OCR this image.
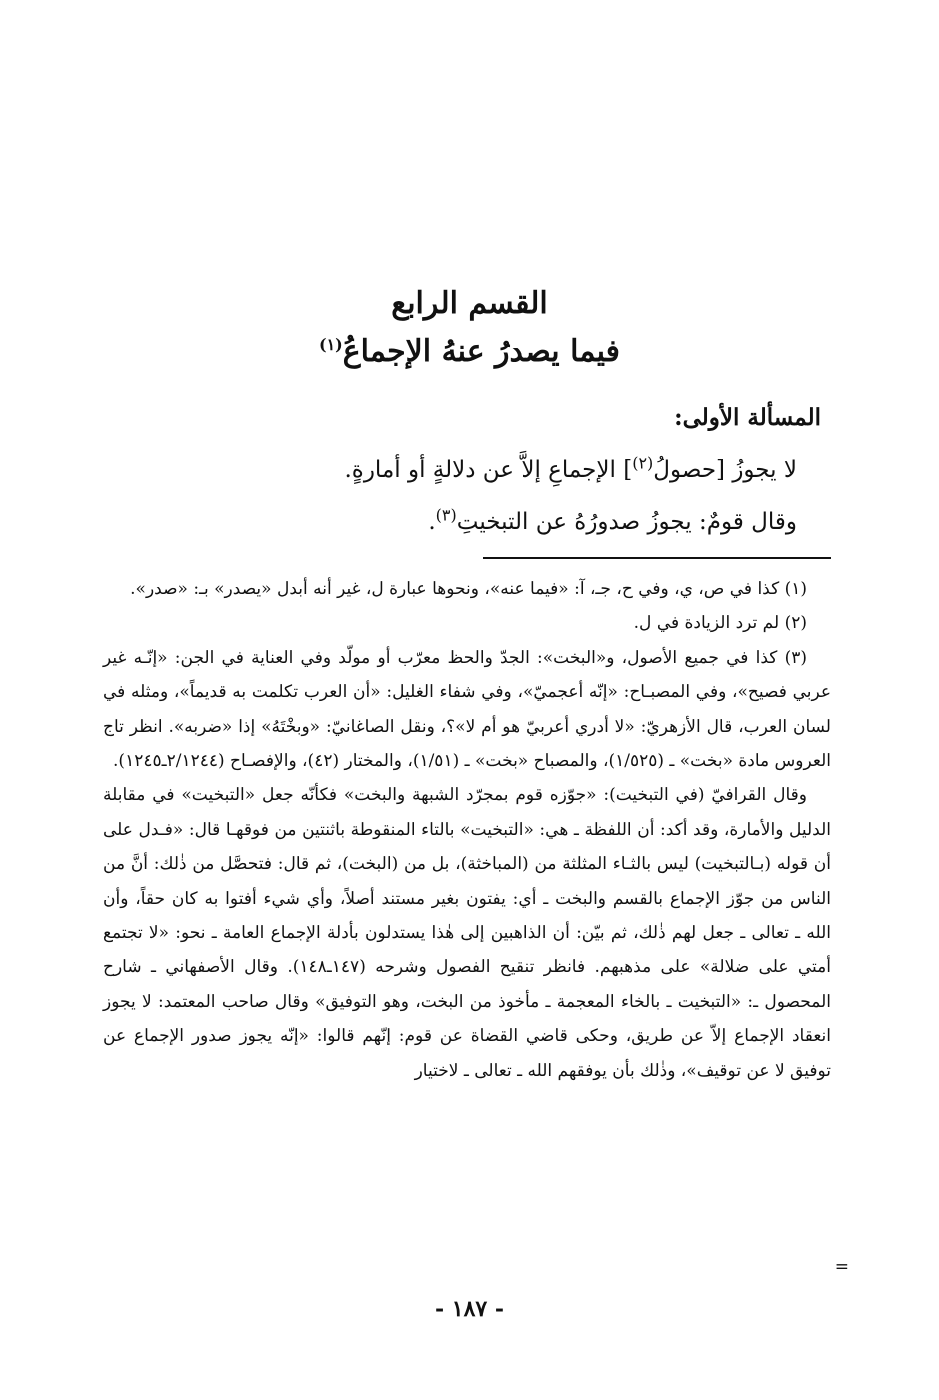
القسم الرابع

فيما يصدرُ عنهُ الإجماعُ$^{(١)}$

المسألة الأولى:

لا يجوزُ [حصولُ$^{(٢)}$] الإجماعِ إلاَّ عن دلالةٍ أو أمارةٍ.

وقال قومٌ: يجوزُ صدورُهُ عن التبخيتِ$^{(٣)}$.

(١) كذا في ص، ي، وفي ح، جـ، آ: «فيما عنه»، ونحوها عبارة ل، غير أنه أبدل «يصدر» بـ: «صدر».

(٢) لم ترد الزيادة في ل.

(٣) كذا في جميع الأصول، و«البخت»: الجدّ والحظ معرّب أو مولّد وفي العناية في الجن: «إنّـه غير عربي فصيح»، وفي المصبـاح: «إنّه أعجميّ»، وفي شفاء الغليل: «أن العرب تكلمت به قديماً»، ومثله في لسان العرب، قال الأزهريّ: «لا أدري أعربيّ هو أم لا»؟، ونقل الصاغانيّ: «وبخْتَهُ» إذا «ضربه». انظر تاج العروس مادة «بخت» ـ (١/٥٢٥)، والمصباح «بخت» ـ (١/٥١)، والمختار (٤٢)، والإفصـاح (٢/١٢٤٤ـ١٢٤٥).

وقال القرافيّ (في التبخيت): «جوّزه قوم بمجرّد الشبهة والبخت» فكأنّه جعل «التبخيت» في مقابلة الدليل والأمارة، وقد أكد: أن اللفظة ـ هي: «التبخيت» بالتاء المنقوطة باثنتين من فوقهـا قال: «فـدل على أن قوله (بـالتبخيت) ليس بالثـاء المثلثة من (المباخثة)، بل من (البخت)، ثم قال: فتحصَّل من ذٰلك: أنَّ من الناس من جوّز الإجماع بالقسم والبخت ـ أي: يفتون بغير مستند أصلاً، وأي شيء أفتوا به كان حقاً، وأن الله ـ تعالى ـ جعل لهم ذٰلك، ثم بيّن: أن الذاهبين إلى هٰذا يستدلون بأدلة الإجماع العامة ـ نحو: «لا تجتمع أمتي على ضلالة» على مذهبهم. فانظر تنقيح الفصول وشرحه (١٤٧ـ١٤٨). وقال الأصفهاني ـ شارح المحصول ـ: «التبخيت ـ بالخاء المعجمة ـ مأخوذ من البخت، وهو التوفيق» وقال صاحب المعتمد: لا يجوز انعقاد الإجماع إلاّ عن طريق، وحكى قاضي القضاة عن قوم: إنّهم قالوا: «إنّه يجوز صدور الإجماع عن توفيق لا عن توقيف»، وذٰلك بأن يوفقهم الله ـ تعالى ـ لاختيار

=
- ١٨٧ -
